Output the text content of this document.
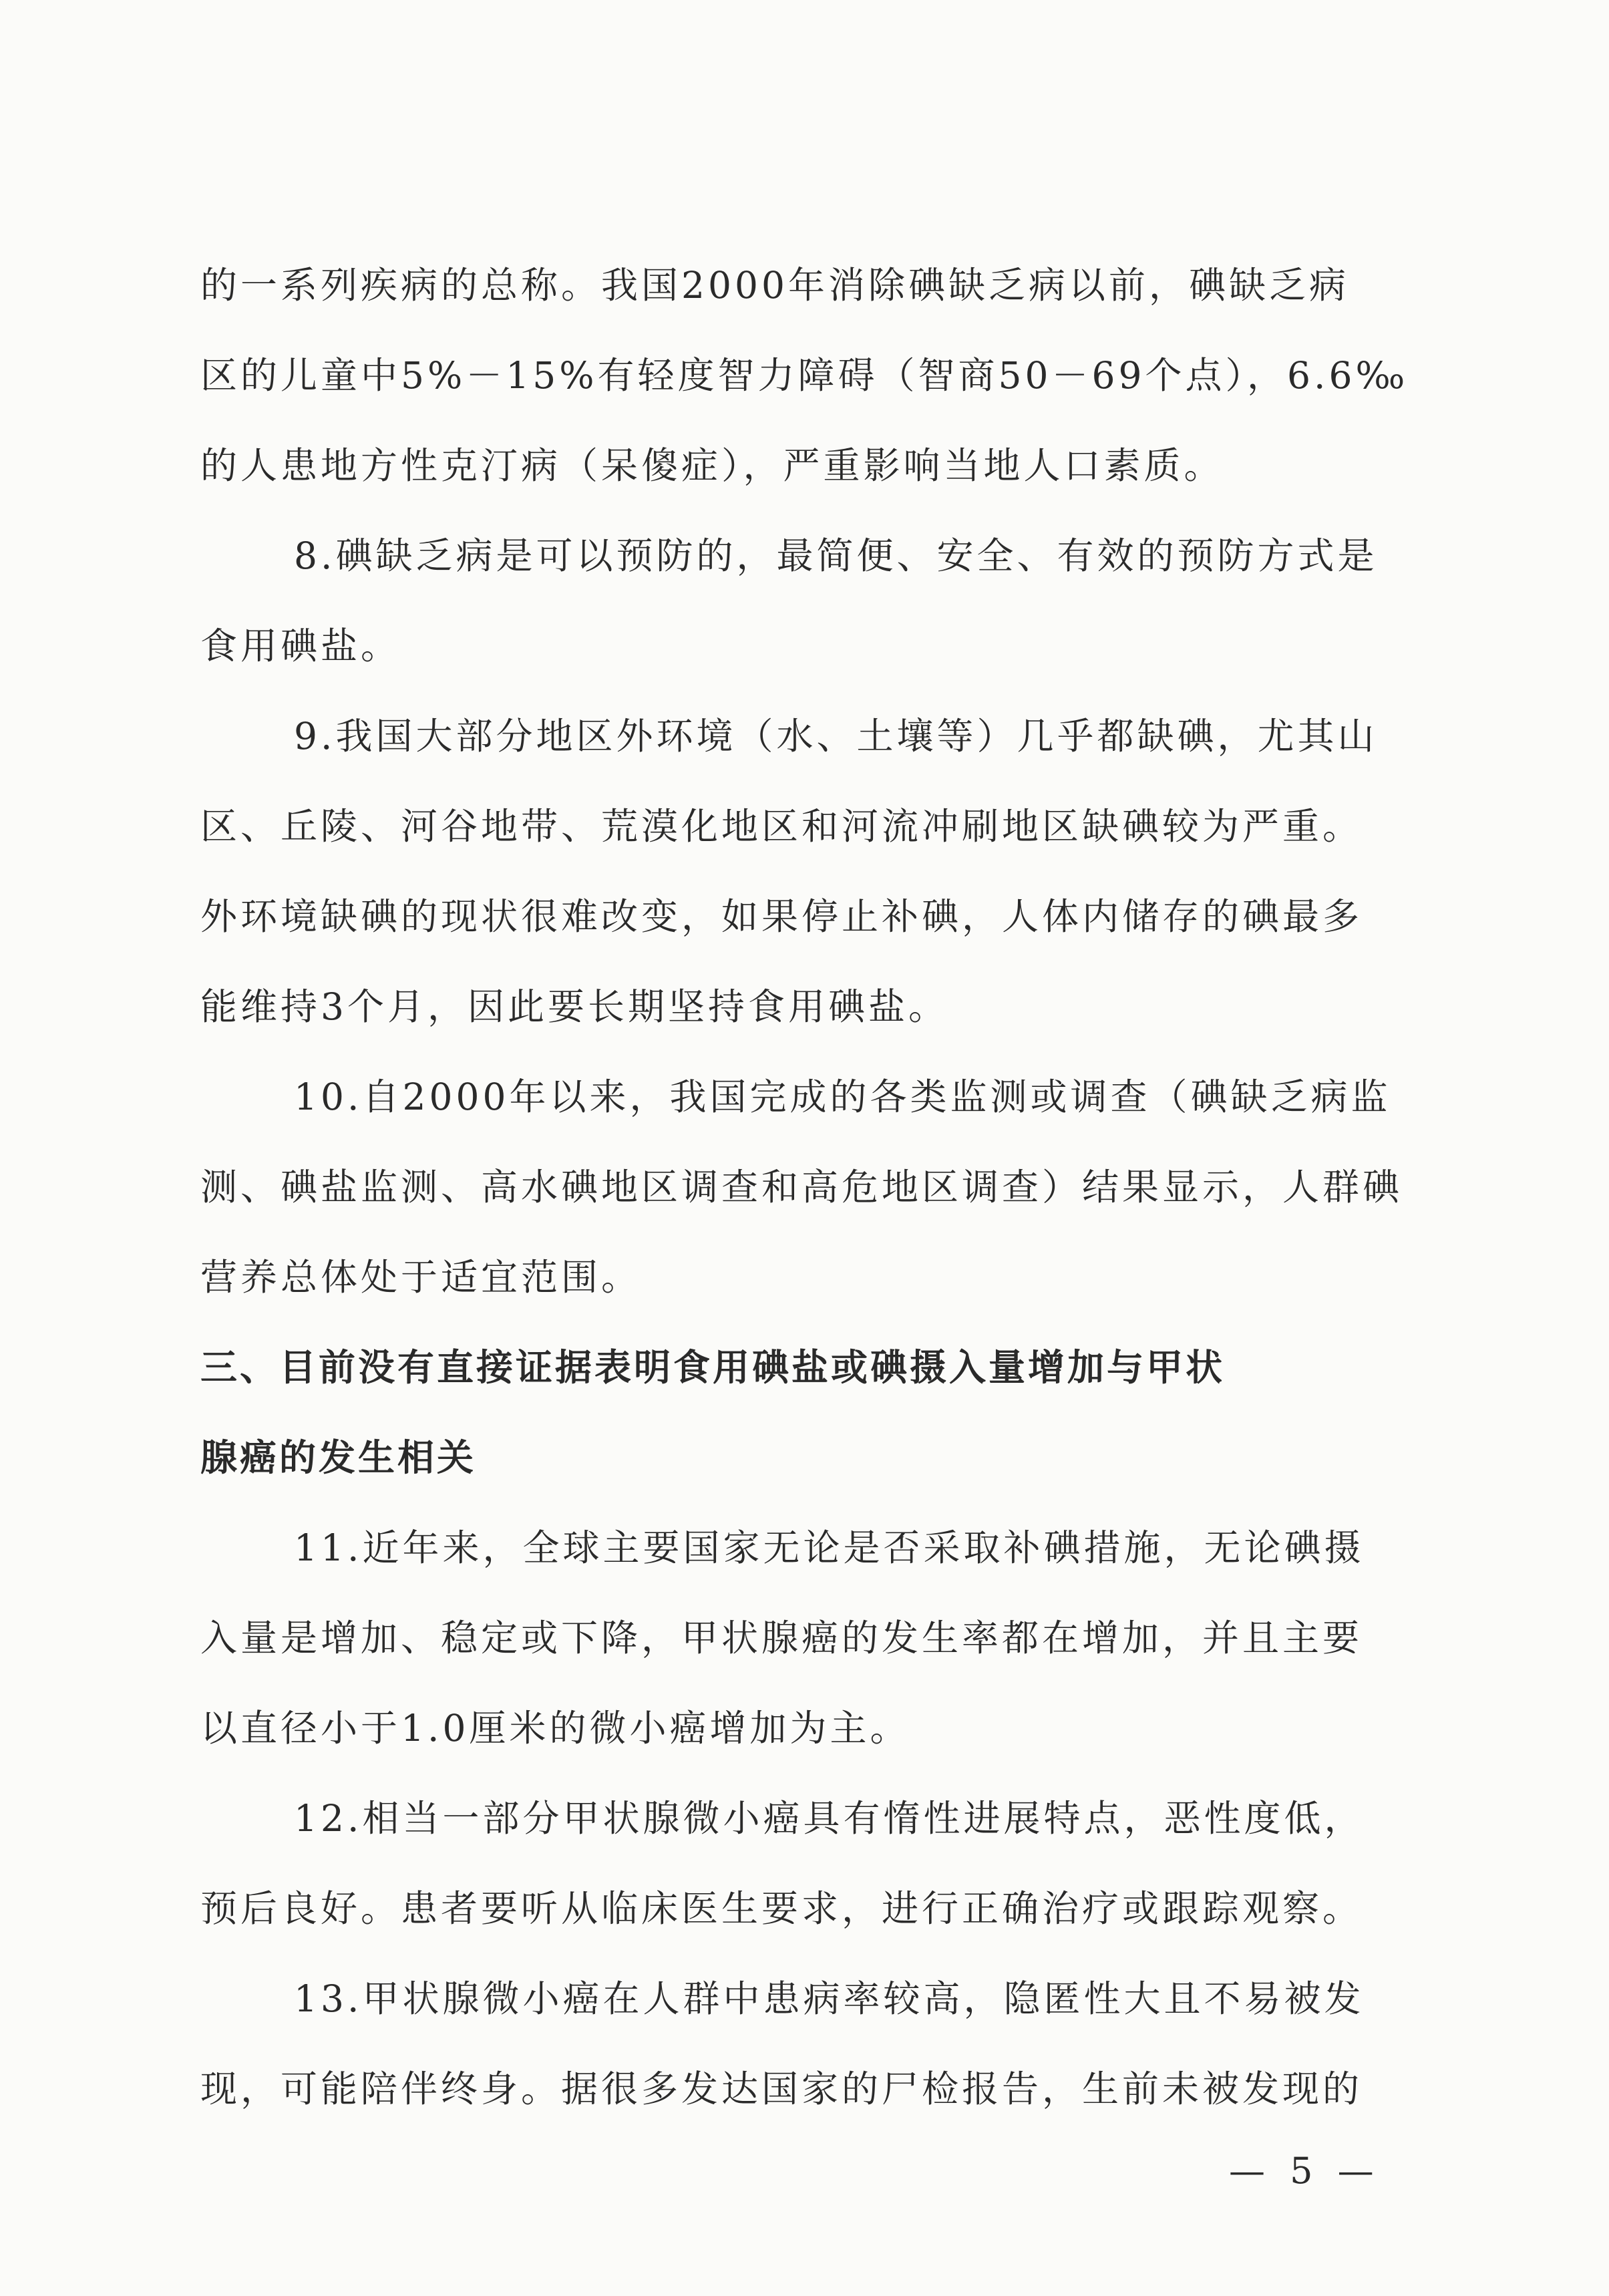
的一系列疾病的总称。我国2000年消除碘缺乏病以前，碘缺乏病
区的儿童中5%－15%有轻度智力障碍（智商50－69个点），6.6‰
的人患地方性克汀病（呆傻症），严重影响当地人口素质。
8.碘缺乏病是可以预防的，最简便、安全、有效的预防方式是
食用碘盐。
9.我国大部分地区外环境（水、土壤等）几乎都缺碘，尤其山
区、丘陵、河谷地带、荒漠化地区和河流冲刷地区缺碘较为严重。
外环境缺碘的现状很难改变，如果停止补碘，人体内储存的碘最多
能维持3个月，因此要长期坚持食用碘盐。
10.自2000年以来，我国完成的各类监测或调查（碘缺乏病监
测、碘盐监测、高水碘地区调查和高危地区调查）结果显示，人群碘
营养总体处于适宜范围。
三、目前没有直接证据表明食用碘盐或碘摄入量增加与甲状
腺癌的发生相关
11.近年来，全球主要国家无论是否采取补碘措施，无论碘摄
入量是增加、稳定或下降，甲状腺癌的发生率都在增加，并且主要
以直径小于1.0厘米的微小癌增加为主。
12.相当一部分甲状腺微小癌具有惰性进展特点，恶性度低，
预后良好。患者要听从临床医生要求，进行正确治疗或跟踪观察。
13.甲状腺微小癌在人群中患病率较高，隐匿性大且不易被发
现，可能陪伴终身。据很多发达国家的尸检报告，生前未被发现的
— 5 —
